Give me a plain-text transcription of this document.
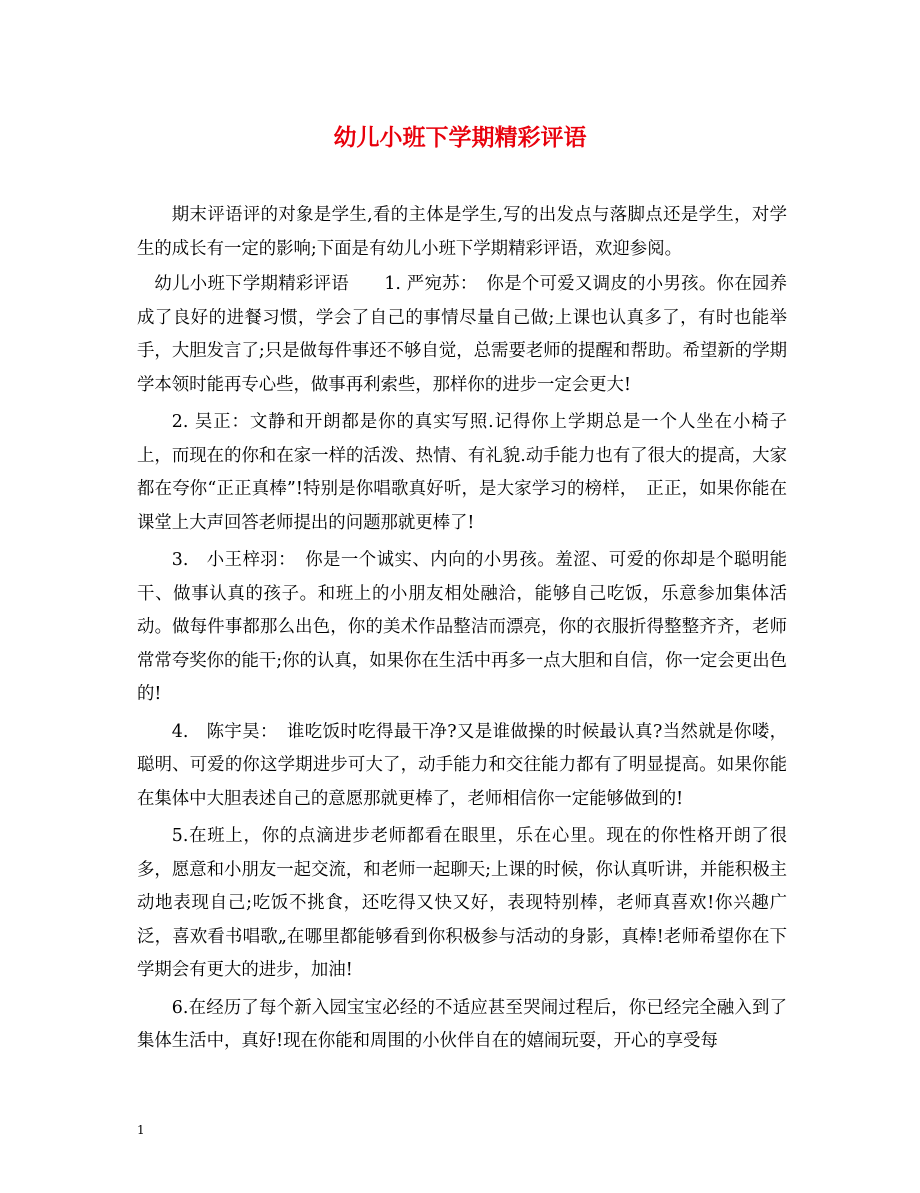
幼儿小班下学期精彩评语

期末评语评的对象是学生,看的主体是学生,写的出发点与落脚点还是学生，对学生的成长有一定的影响;下面是有幼儿小班下学期精彩评语，欢迎参阅。

幼儿小班下学期精彩评语　　1. 严宛苏：　你是个可爱又调皮的小男孩。你在园养成了良好的进餐习惯，学会了自己的事情尽量自己做;上课也认真多了，有时也能举手，大胆发言了;只是做每件事还不够自觉，总需要老师的提醒和帮助。希望新的学期学本领时能再专心些，做事再利索些，那样你的进步一定会更大!

2. 吴正：文静和开朗都是你的真实写照.记得你上学期总是一个人坐在小椅子上，而现在的你和在家一样的活泼、热情、有礼貌.动手能力也有了很大的提高，大家都在夸你“正正真棒”!特别是你唱歌真好听，是大家学习的榜样，　正正，如果你能在课堂上大声回答老师提出的问题那就更棒了!

3.　小王梓羽：　你是一个诚实、内向的小男孩。羞涩、可爱的你却是个聪明能干、做事认真的孩子。和班上的小朋友相处融洽，能够自己吃饭，乐意参加集体活动。做每件事都那么出色，你的美术作品整洁而漂亮，你的衣服折得整整齐齐，老师常常夸奖你的能干;你的认真，如果你在生活中再多一点大胆和自信，你一定会更出色的!

4.　陈宇昊：　谁吃饭时吃得最干净?又是谁做操的时候最认真?当然就是你喽，聪明、可爱的你这学期进步可大了，动手能力和交往能力都有了明显提高。如果你能在集体中大胆表述自己的意愿那就更棒了，老师相信你一定能够做到的!

5.在班上，你的点滴进步老师都看在眼里，乐在心里。现在的你性格开朗了很多，愿意和小朋友一起交流，和老师一起聊天;上课的时候，你认真听讲，并能积极主动地表现自己;吃饭不挑食，还吃得又快又好，表现特别棒，老师真喜欢!你兴趣广泛，喜欢看书唱歌„在哪里都能够看到你积极参与活动的身影，真棒!老师希望你在下学期会有更大的进步，加油!

6.在经历了每个新入园宝宝必经的不适应甚至哭闹过程后，你已经完全融入到了集体生活中，真好!现在你能和周围的小伙伴自在的嬉闹玩耍，开心的享受每

1
